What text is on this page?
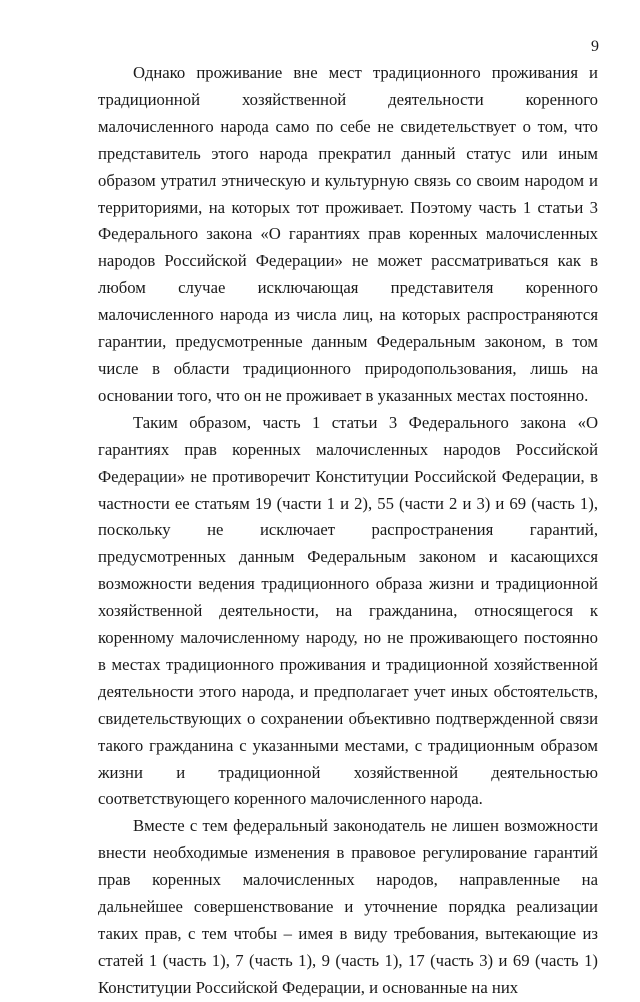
9

Однако проживание вне мест традиционного проживания и традиционной хозяйственной деятельности коренного малочисленного народа само по себе не свидетельствует о том, что представитель этого народа прекратил данный статус или иным образом утратил этническую и культурную связь со своим народом и территориями, на которых тот проживает. Поэтому часть 1 статьи 3 Федерального закона «О гарантиях прав коренных малочисленных народов Российской Федерации» не может рассматриваться как в любом случае исключающая представителя коренного малочисленного народа из числа лиц, на которых распространяются гарантии, предусмотренные данным Федеральным законом, в том числе в области традиционного природопользования, лишь на основании того, что он не проживает в указанных местах постоянно.

Таким образом, часть 1 статьи 3 Федерального закона «О гарантиях прав коренных малочисленных народов Российской Федерации» не противоречит Конституции Российской Федерации, в частности ее статьям 19 (части 1 и 2), 55 (части 2 и 3) и 69 (часть 1), поскольку не исключает распространения гарантий, предусмотренных данным Федеральным законом и касающихся возможности ведения традиционного образа жизни и традиционной хозяйственной деятельности, на гражданина, относящегося к коренному малочисленному народу, но не проживающего постоянно в местах традиционного проживания и традиционной хозяйственной деятельности этого народа, и предполагает учет иных обстоятельств, свидетельствующих о сохранении объективно подтвержденной связи такого гражданина с указанными местами, с традиционным образом жизни и традиционной хозяйственной деятельностью соответствующего коренного малочисленного народа.

Вместе с тем федеральный законодатель не лишен возможности внести необходимые изменения в правовое регулирование гарантий прав коренных малочисленных народов, направленные на дальнейшее совершенствование и уточнение порядка реализации таких прав, с тем чтобы – имея в виду требования, вытекающие из статей 1 (часть 1), 7 (часть 1), 9 (часть 1), 17 (часть 3) и 69 (часть 1) Конституции Российской Федерации, и основанные на них
